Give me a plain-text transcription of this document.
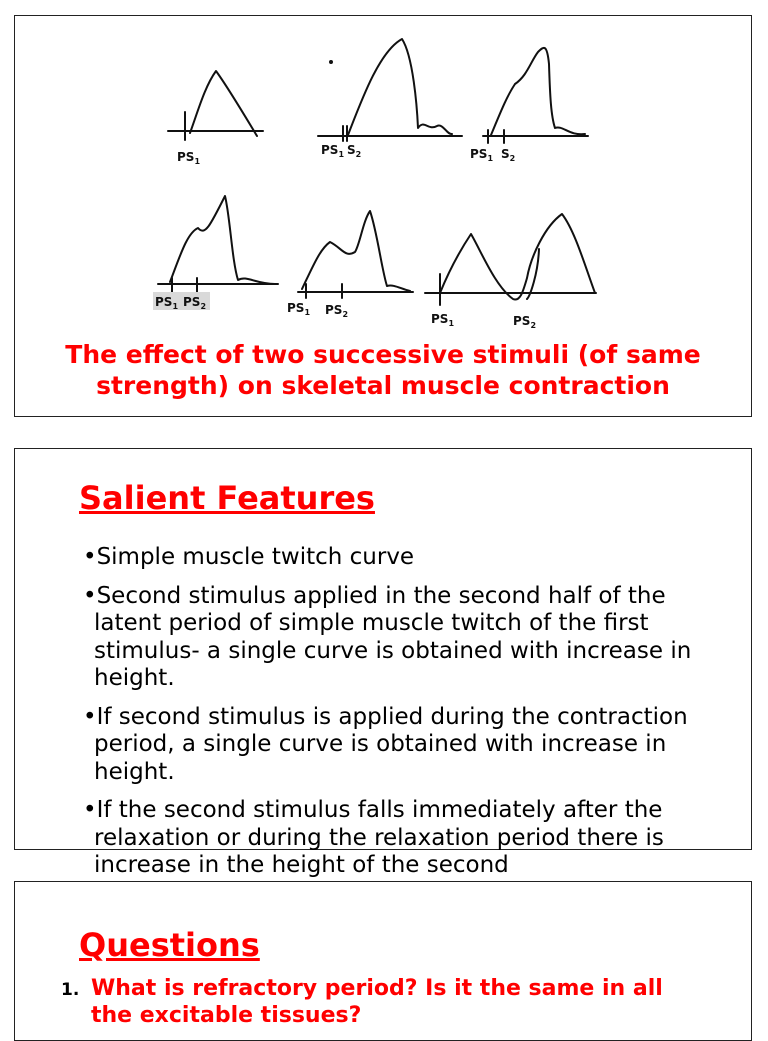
$PS_1$
$PS_1$ $S_2$	$PS_1$ $S_2$
$PS_1$ $PS_2$	$PS_1$ $PS_2$	$PS_1$	$PS_2$

The effect of two successive stimuli (of same strength) on skeletal muscle contraction

Salient Features
•Simple muscle twitch curve
•Second stimulus applied in the second half of the latent period of simple muscle twitch of the first stimulus- a single curve is obtained with increase in height.
•If second stimulus is applied during the contraction period, a single curve is obtained with increase in height.
•If the second stimulus falls immediately after the relaxation or during the relaxation period there is increase in the height of the second
Questions
1. What is refractory period? Is it the same in all the excitable tissues?
